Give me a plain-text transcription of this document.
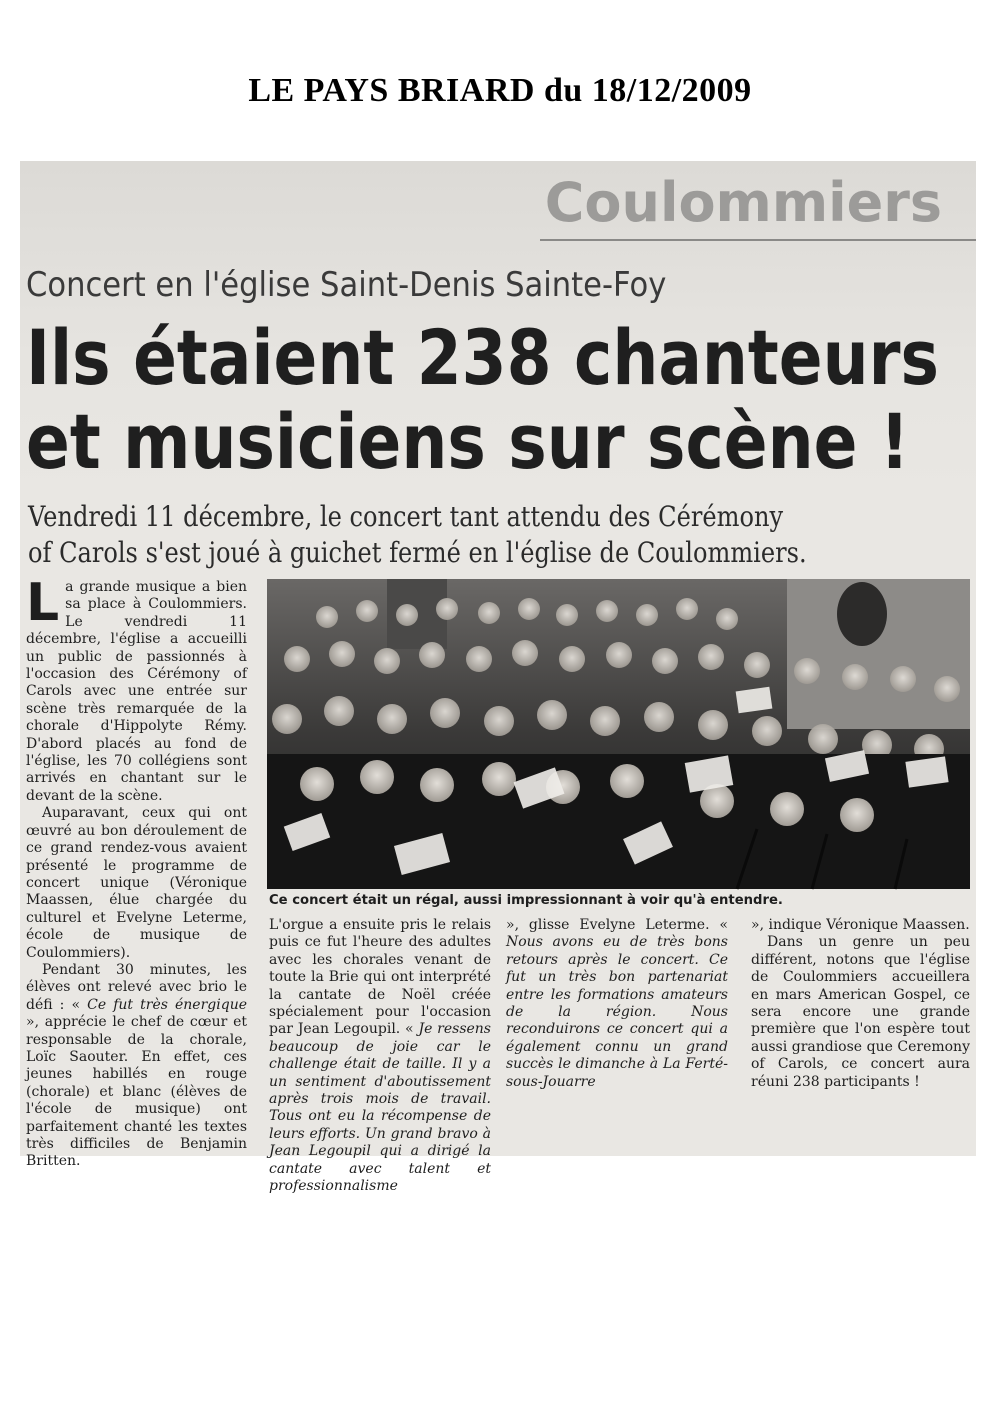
LE PAYS BRIARD du 18/12/2009
Coulommiers
Concert en l'église Saint-Denis Sainte-Foy
Ils étaient 238 chanteurs
et musiciens sur scène !
Vendredi 11 décembre, le concert tant attendu des Cérémony
of Carols s'est joué à guichet fermé en l'église de Coulommiers.

La grande musique a bien sa place à Coulommiers. Le vendredi 11 décembre, l'église a accueilli un public de passionnés à l'occasion des Cérémony of Carols avec une entrée sur scène très remarquée de la chorale d'Hippolyte Rémy. D'abord placés au fond de l'église, les 70 collégiens sont arrivés en chantant sur le devant de la scène.

Auparavant, ceux qui ont œuvré au bon déroulement de ce grand rendez-vous avaient présenté le programme de concert unique (Véronique Maassen, élue chargée du culturel et Evelyne Leterme, école de musique de Coulommiers).

Pendant 30 minutes, les élèves ont relevé avec brio le défi : « Ce fut très énergique », apprécie le chef de cœur et responsable de la chorale, Loïc Saouter. En effet, ces jeunes habillés en rouge (chorale) et blanc (élèves de l'école de musique) ont parfaitement chanté les textes très difficiles de Benjamin Britten.

Ce concert était un régal, aussi impressionnant à voir qu'à entendre.

L'orgue a ensuite pris le relais puis ce fut l'heure des adultes avec les chorales venant de toute la Brie qui ont interprété la cantate de Noël créée spécialement pour l'occasion par Jean Legoupil. « Je ressens beaucoup de joie car le challenge était de taille. Il y a un sentiment d'aboutissement après trois mois de travail. Tous ont eu la récompense de leurs efforts. Un grand bravo à Jean Legoupil qui a dirigé la cantate avec talent et professionnalisme

», glisse Evelyne Leterme. « Nous avons eu de très bons retours après le concert. Ce fut un très bon partenariat entre les formations amateurs de la région. Nous reconduirons ce concert qui a également connu un grand succès le dimanche à La Ferté-sous-Jouarre

», indique Véronique Maassen.

Dans un genre un peu différent, notons que l'église de Coulommiers accueillera en mars American Gospel, ce sera encore une grande première que l'on espère tout aussi grandiose que Ceremony of Carols, ce concert aura réuni 238 participants !
